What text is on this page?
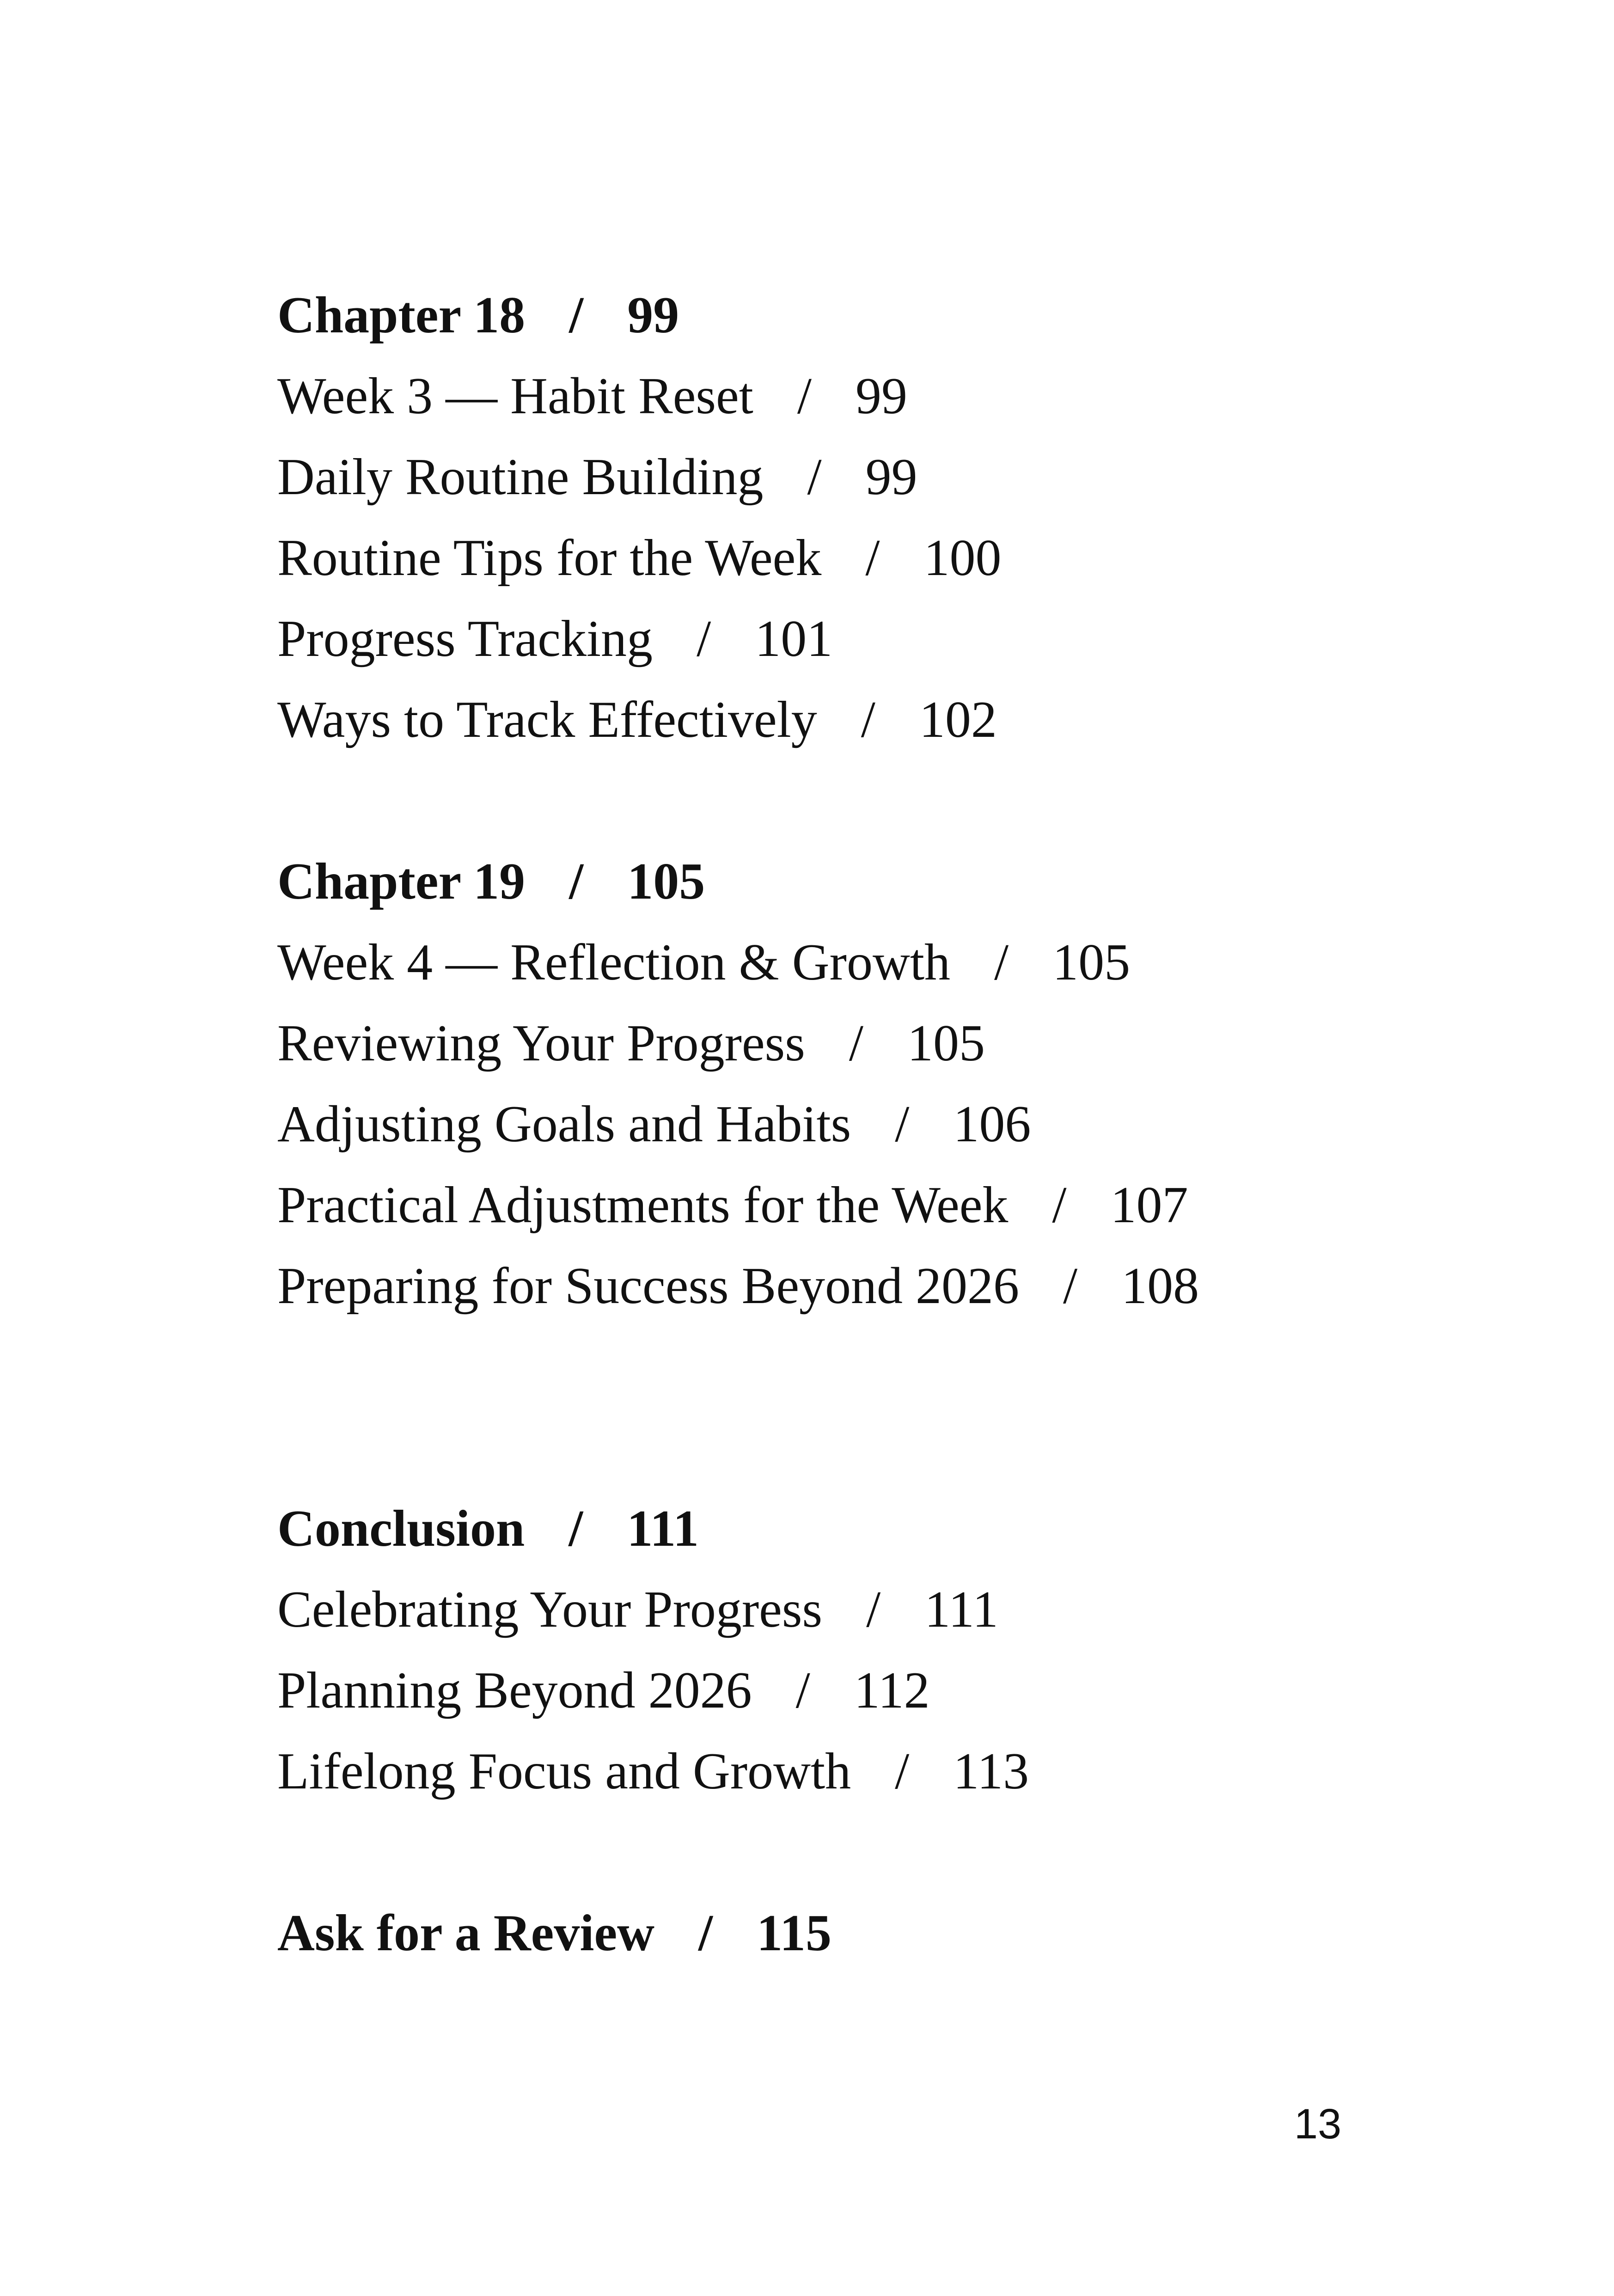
Chapter 18 / 99
Week 3 — Habit Reset / 99
Daily Routine Building / 99
Routine Tips for the Week / 100
Progress Tracking / 101
Ways to Track Effectively / 102
Chapter 19 / 105
Week 4 — Reflection & Growth / 105
Reviewing Your Progress / 105
Adjusting Goals and Habits / 106
Practical Adjustments for the Week / 107
Preparing for Success Beyond 2026 / 108
Conclusion / 111
Celebrating Your Progress / 111
Planning Beyond 2026 / 112
Lifelong Focus and Growth / 113
Ask for a Review / 115
13
